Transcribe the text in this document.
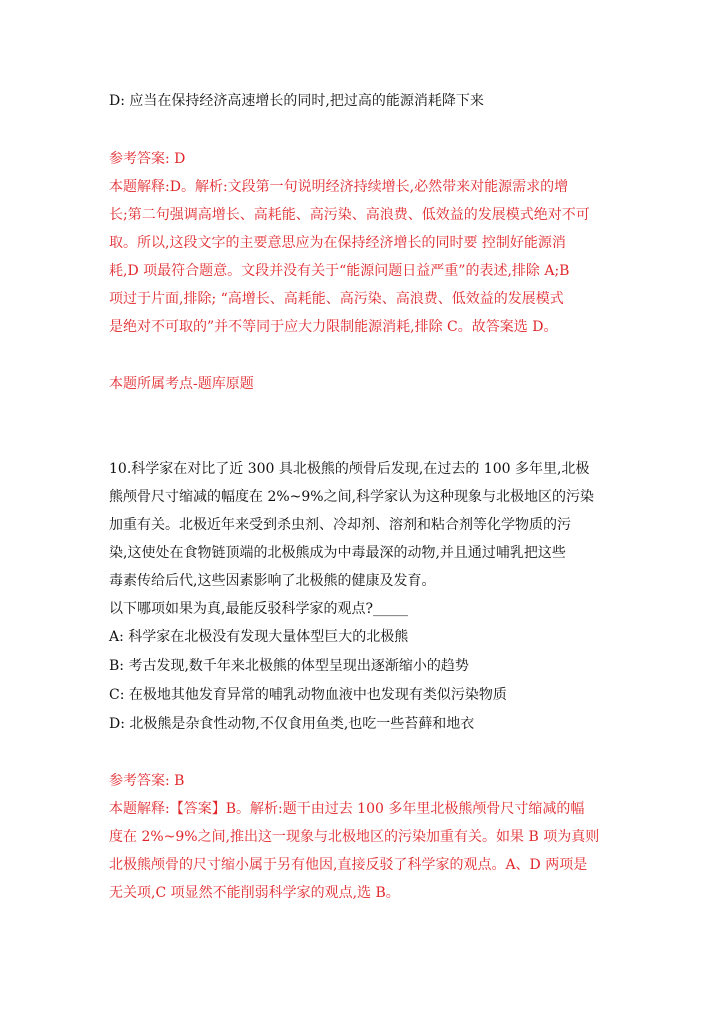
D: 应当在保持经济高速增长的同时,把过高的能源消耗降下来
参考答案: D
本题解释:D。解析:文段第一句说明经济持续增长,必然带来对能源需求的增
长;第二句强调高增长、高耗能、高污染、高浪费、低效益的发展模式绝对不可
取。所以,这段文字的主要意思应为在保持经济增长的同时要 控制好能源消
耗,D 项最符合题意。文段并没有关于“能源问题日益严重”的表述,排除 A;B
项过于片面,排除; “高增长、高耗能、高污染、高浪费、低效益的发展模式
是绝对不可取的”并不等同于应大力限制能源消耗,排除 C。故答案选 D。
本题所属考点-题库原题
10.科学家在对比了近 300 具北极熊的颅骨后发现,在过去的 100 多年里,北极
熊颅骨尺寸缩减的幅度在 2%~9%之间,科学家认为这种现象与北极地区的污染
加重有关。北极近年来受到杀虫剂、冷却剂、溶剂和粘合剂等化学物质的污
染,这使处在食物链顶端的北极熊成为中毒最深的动物,并且通过哺乳把这些
毒素传给后代,这些因素影响了北极熊的健康及发育。
以下哪项如果为真,最能反驳科学家的观点?_____
A: 科学家在北极没有发现大量体型巨大的北极熊
B: 考古发现,数千年来北极熊的体型呈现出逐渐缩小的趋势
C: 在极地其他发育异常的哺乳动物血液中也发现有类似污染物质
D: 北极熊是杂食性动物,不仅食用鱼类,也吃一些苔藓和地衣
参考答案: B
本题解释:【答案】B。解析:题干由过去 100 多年里北极熊颅骨尺寸缩减的幅
度在 2%~9%之间,推出这一现象与北极地区的污染加重有关。如果 B 项为真则
北极熊颅骨的尺寸缩小属于另有他因,直接反驳了科学家的观点。A、D 两项是
无关项,C 项显然不能削弱科学家的观点,选 B。
